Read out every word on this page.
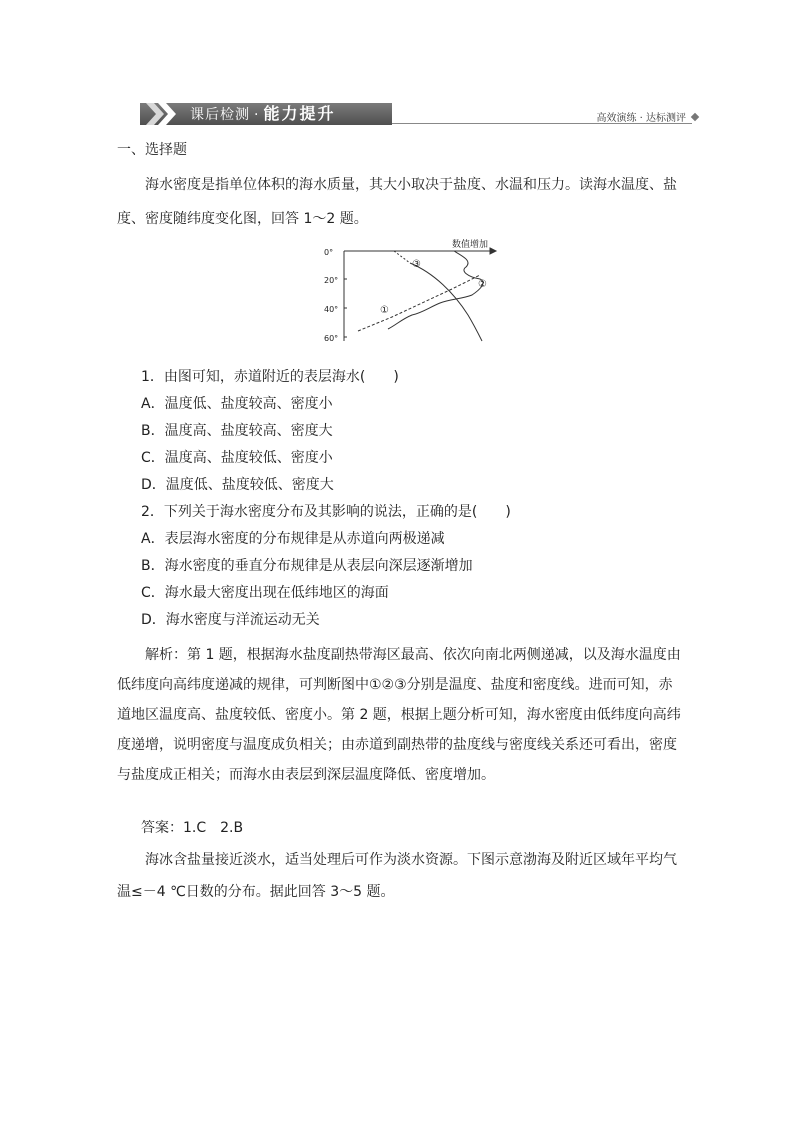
课后检测 · 能力提升	高效演练 · 达标测评

一、选择题

海水密度是指单位体积的海水质量，其大小取决于盐度、水温和压力。读海水温度、盐度、密度随纬度变化图，回答 1～2 题。

数值增加
0°
20°
40°
60°
①
②
③

1．由图可知，赤道附近的表层海水(　　)

A．温度低、盐度较高、密度小

B．温度高、盐度较高、密度大

C．温度高、盐度较低、密度小

D．温度低、盐度较低、密度大

2．下列关于海水密度分布及其影响的说法，正确的是(　　)

A．表层海水密度的分布规律是从赤道向两极递减

B．海水密度的垂直分布规律是从表层向深层逐渐增加

C．海水最大密度出现在低纬地区的海面

D．海水密度与洋流运动无关

解析：第 1 题，根据海水盐度副热带海区最高、依次向南北两侧递减，以及海水温度由低纬度向高纬度递减的规律，可判断图中①②③分别是温度、盐度和密度线。进而可知，赤道地区温度高、盐度较低、密度小。第 2 题，根据上题分析可知，海水密度由低纬度向高纬度递增，说明密度与温度成负相关；由赤道到副热带的盐度线与密度线关系还可看出，密度与盐度成正相关；而海水由表层到深层温度降低、密度增加。

答案：1.C　2.B

海冰含盐量接近淡水，适当处理后可作为淡水资源。下图示意渤海及附近区域年平均气温≤－4 ℃日数的分布。据此回答 3～5 题。
